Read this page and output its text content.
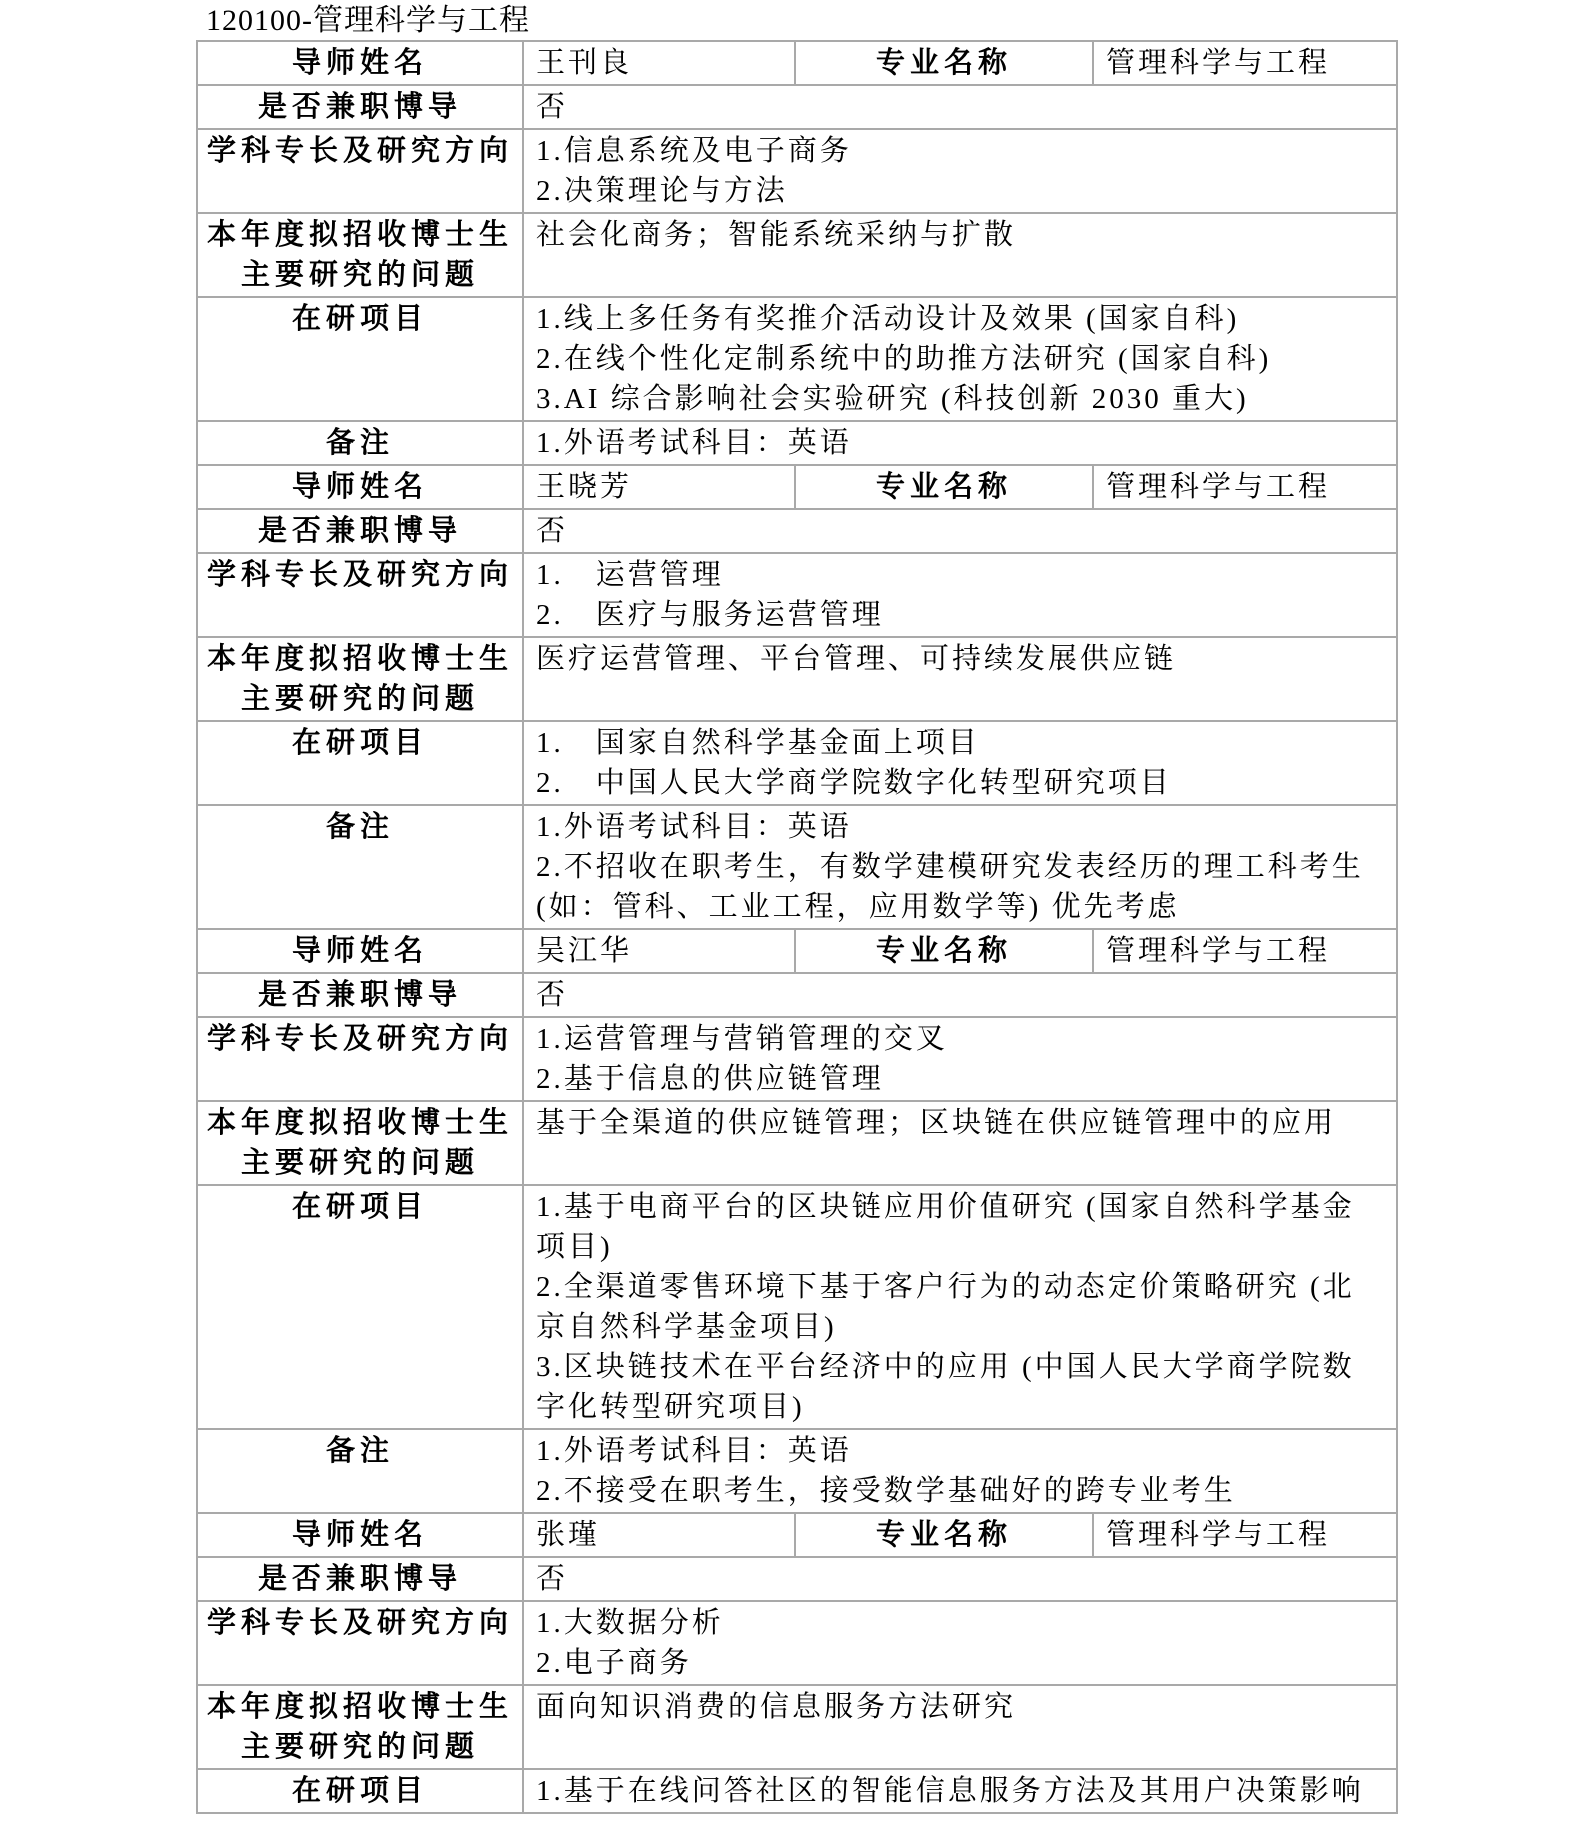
120100-管理科学与工程
导师姓名	王刊良	专业名称	管理科学与工程
是否兼职博导	否		
学科专长及研究方向	1.信息系统及电子商务
2.决策理论与方法		

本年度拟招收博士生主要研究的问题	社会化商务；智能系统采纳与扩散		

在研项目	1.线上多任务有奖推介活动设计及效果 (国家自科)
2.在线个性化定制系统中的助推方法研究 (国家自科)
3.AI 综合影响社会实验研究 (科技创新 2030 重大)		

备注	1.外语考试科目：英语		

导师姓名	王晓芳	专业名称	管理科学与工程
是否兼职博导	否		
学科专长及研究方向	1. 运营管理
2. 医疗与服务运营管理		

本年度拟招收博士生主要研究的问题	医疗运营管理、平台管理、可持续发展供应链		

在研项目	1. 国家自然科学基金面上项目
2. 中国人民大学商学院数字化转型研究项目		

备注	1.外语考试科目：英语
2.不招收在职考生，有数学建模研究发表经历的理工科考生 (如：管科、工业工程，应用数学等) 优先考虑		

导师姓名	吴江华	专业名称	管理科学与工程
是否兼职博导	否		
学科专长及研究方向	1.运营管理与营销管理的交叉
2.基于信息的供应链管理		

本年度拟招收博士生主要研究的问题	基于全渠道的供应链管理；区块链在供应链管理中的应用		

在研项目	1.基于电商平台的区块链应用价值研究 (国家自然科学基金项目)
2.全渠道零售环境下基于客户行为的动态定价策略研究 (北京自然科学基金项目)
3.区块链技术在平台经济中的应用 (中国人民大学商学院数字化转型研究项目)		

备注	1.外语考试科目：英语
2.不接受在职考生，接受数学基础好的跨专业考生		

导师姓名	张瑾	专业名称	管理科学与工程
是否兼职博导	否		
学科专长及研究方向	1.大数据分析
2.电子商务		

本年度拟招收博士生主要研究的问题	面向知识消费的信息服务方法研究		

在研项目	1.基于在线问答社区的智能信息服务方法及其用户决策影响		
